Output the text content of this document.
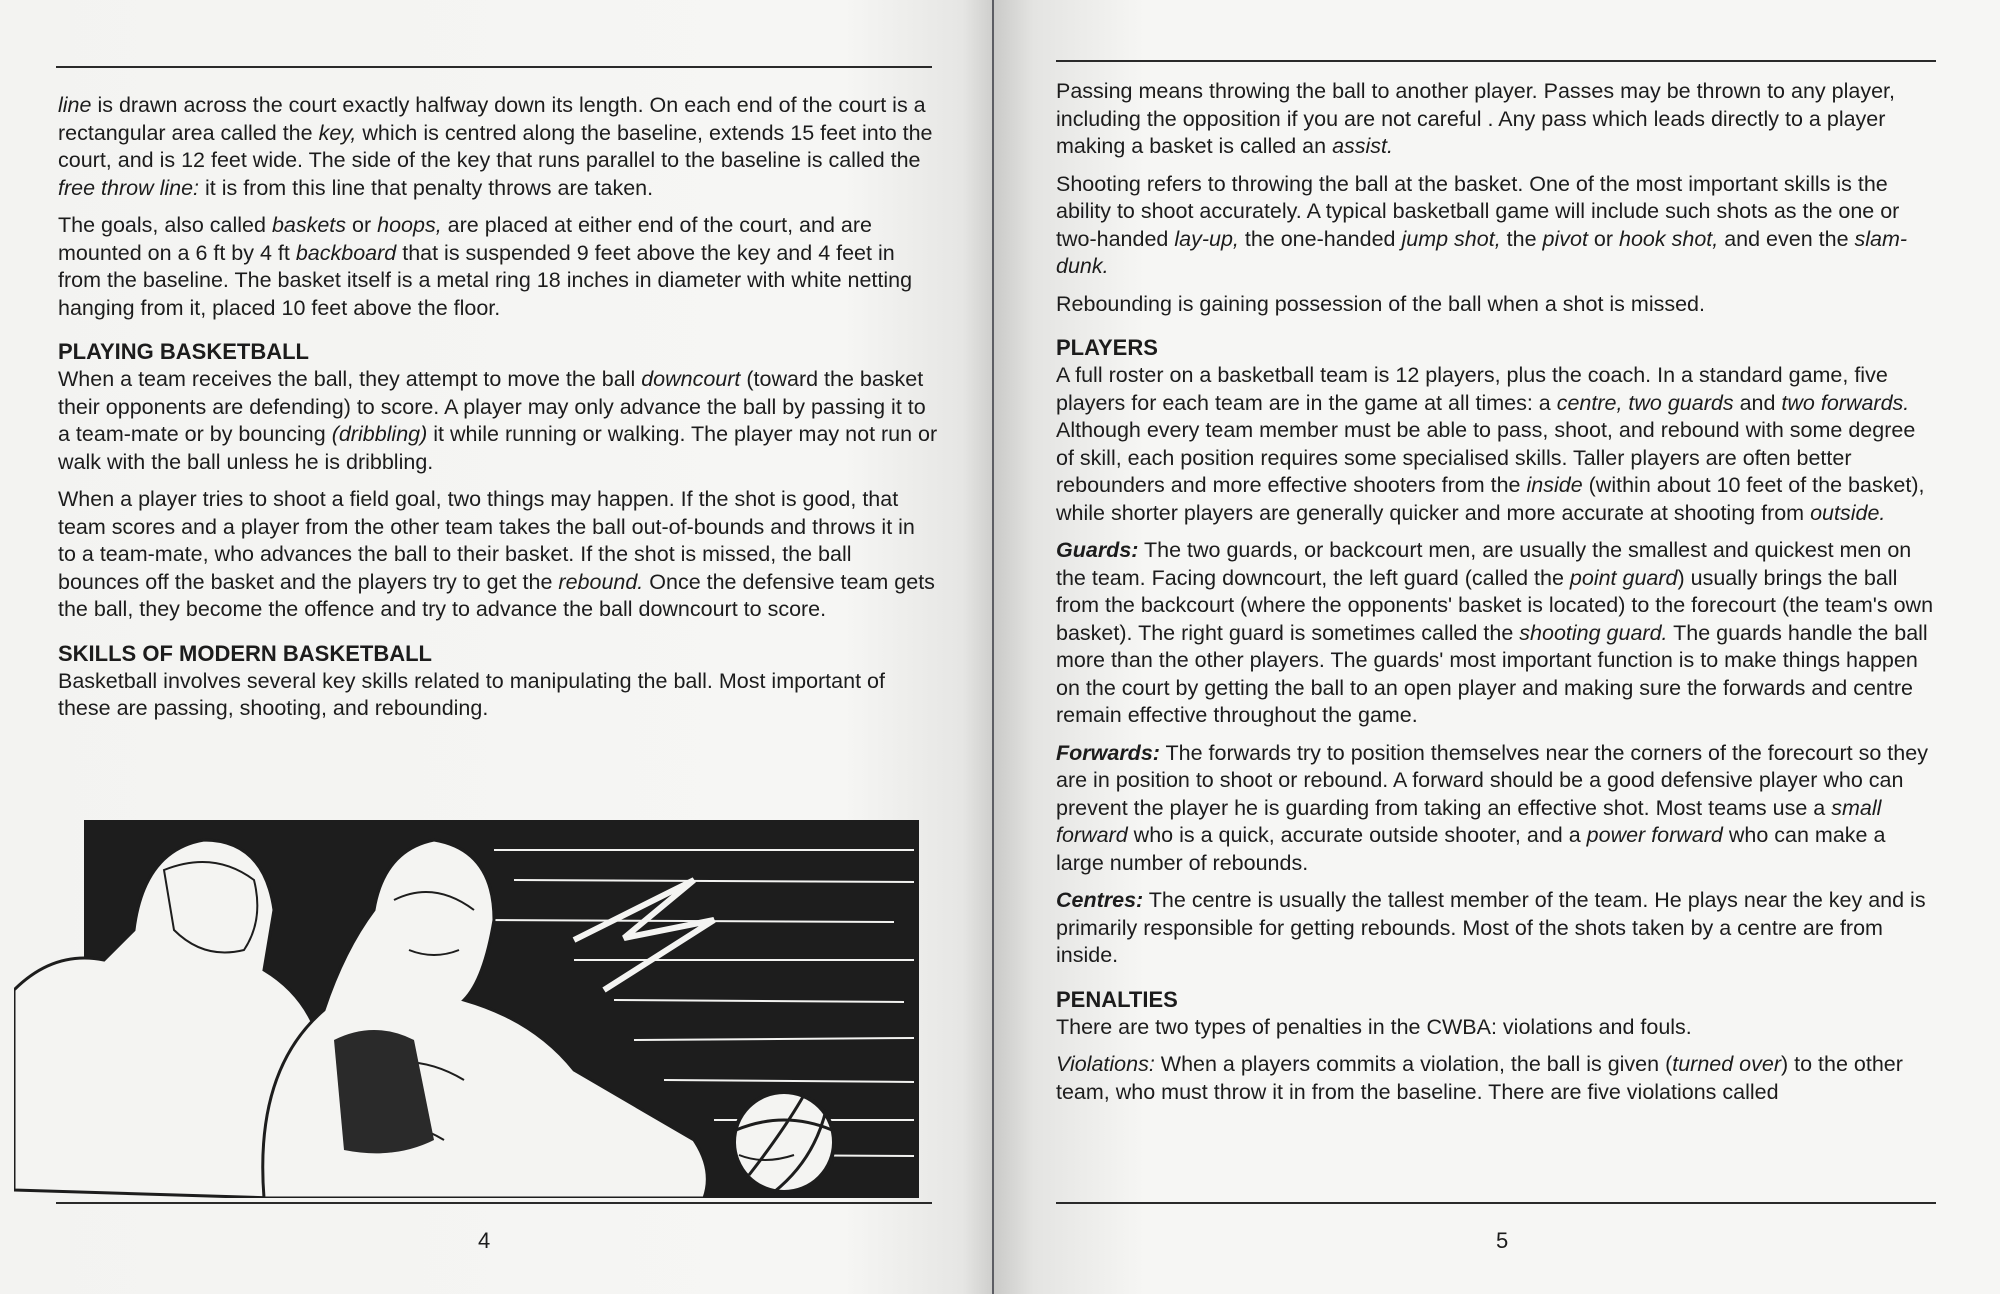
line is drawn across the court exactly halfway down its length. On each end of the court is a rectangular area called the key, which is centred along the baseline, extends 15 feet into the court, and is 12 feet wide. The side of the key that runs parallel to the baseline is called the free throw line: it is from this line that penalty throws are taken.

The goals, also called baskets or hoops, are placed at either end of the court, and are mounted on a 6 ft by 4 ft backboard that is suspended 9 feet above the key and 4 feet in from the baseline. The basket itself is a metal ring 18 inches in diameter with white netting hanging from it, placed 10 feet above the floor.

PLAYING BASKETBALL

When a team receives the ball, they attempt to move the ball downcourt (toward the basket their opponents are defending) to score. A player may only advance the ball by passing it to a team-mate or by bouncing (dribbling) it while running or walking. The player may not run or walk with the ball unless he is dribbling.

When a player tries to shoot a field goal, two things may happen. If the shot is good, that team scores and a player from the other team takes the ball out-of-bounds and throws it in to a team-mate, who advances the ball to their basket. If the shot is missed, the ball bounces off the basket and the players try to get the rebound. Once the defensive team gets the ball, they become the offence and try to advance the ball downcourt to score.

SKILLS OF MODERN BASKETBALL

Basketball involves several key skills related to manipulating the ball. Most important of these are passing, shooting, and rebounding.

4

Passing means throwing the ball to another player. Passes may be thrown to any player, including the opposition if you are not careful . Any pass which leads directly to a player making a basket is called an assist.

Shooting refers to throwing the ball at the basket. One of the most important skills is the ability to shoot accurately. A typical basketball game will include such shots as the one or two-handed lay-up, the one-handed jump shot, the pivot or hook shot, and even the slam-dunk.

Rebounding is gaining possession of the ball when a shot is missed.

PLAYERS

A full roster on a basketball team is 12 players, plus the coach. In a standard game, five players for each team are in the game at all times: a centre, two guards and two forwards. Although every team member must be able to pass, shoot, and rebound with some degree of skill, each position requires some specialised skills. Taller players are often better rebounders and more effective shooters from the inside (within about 10 feet of the basket), while shorter players are generally quicker and more accurate at shooting from outside.

Guards: The two guards, or backcourt men, are usually the smallest and quickest men on the team. Facing downcourt, the left guard (called the point guard) usually brings the ball from the backcourt (where the opponents' basket is located) to the forecourt (the team's own basket). The right guard is sometimes called the shooting guard. The guards handle the ball more than the other players. The guards' most important function is to make things happen on the court by getting the ball to an open player and making sure the forwards and centre remain effective throughout the game.

Forwards: The forwards try to position themselves near the corners of the forecourt so they are in position to shoot or rebound. A forward should be a good defensive player who can prevent the player he is guarding from taking an effective shot. Most teams use a small forward who is a quick, accurate outside shooter, and a power forward who can make a large number of rebounds.

Centres: The centre is usually the tallest member of the team. He plays near the key and is primarily responsible for getting rebounds. Most of the shots taken by a centre are from inside.

PENALTIES

There are two types of penalties in the CWBA: violations and fouls.

Violations: When a players commits a violation, the ball is given (turned over) to the other team, who must throw it in from the baseline. There are five violations called

5
